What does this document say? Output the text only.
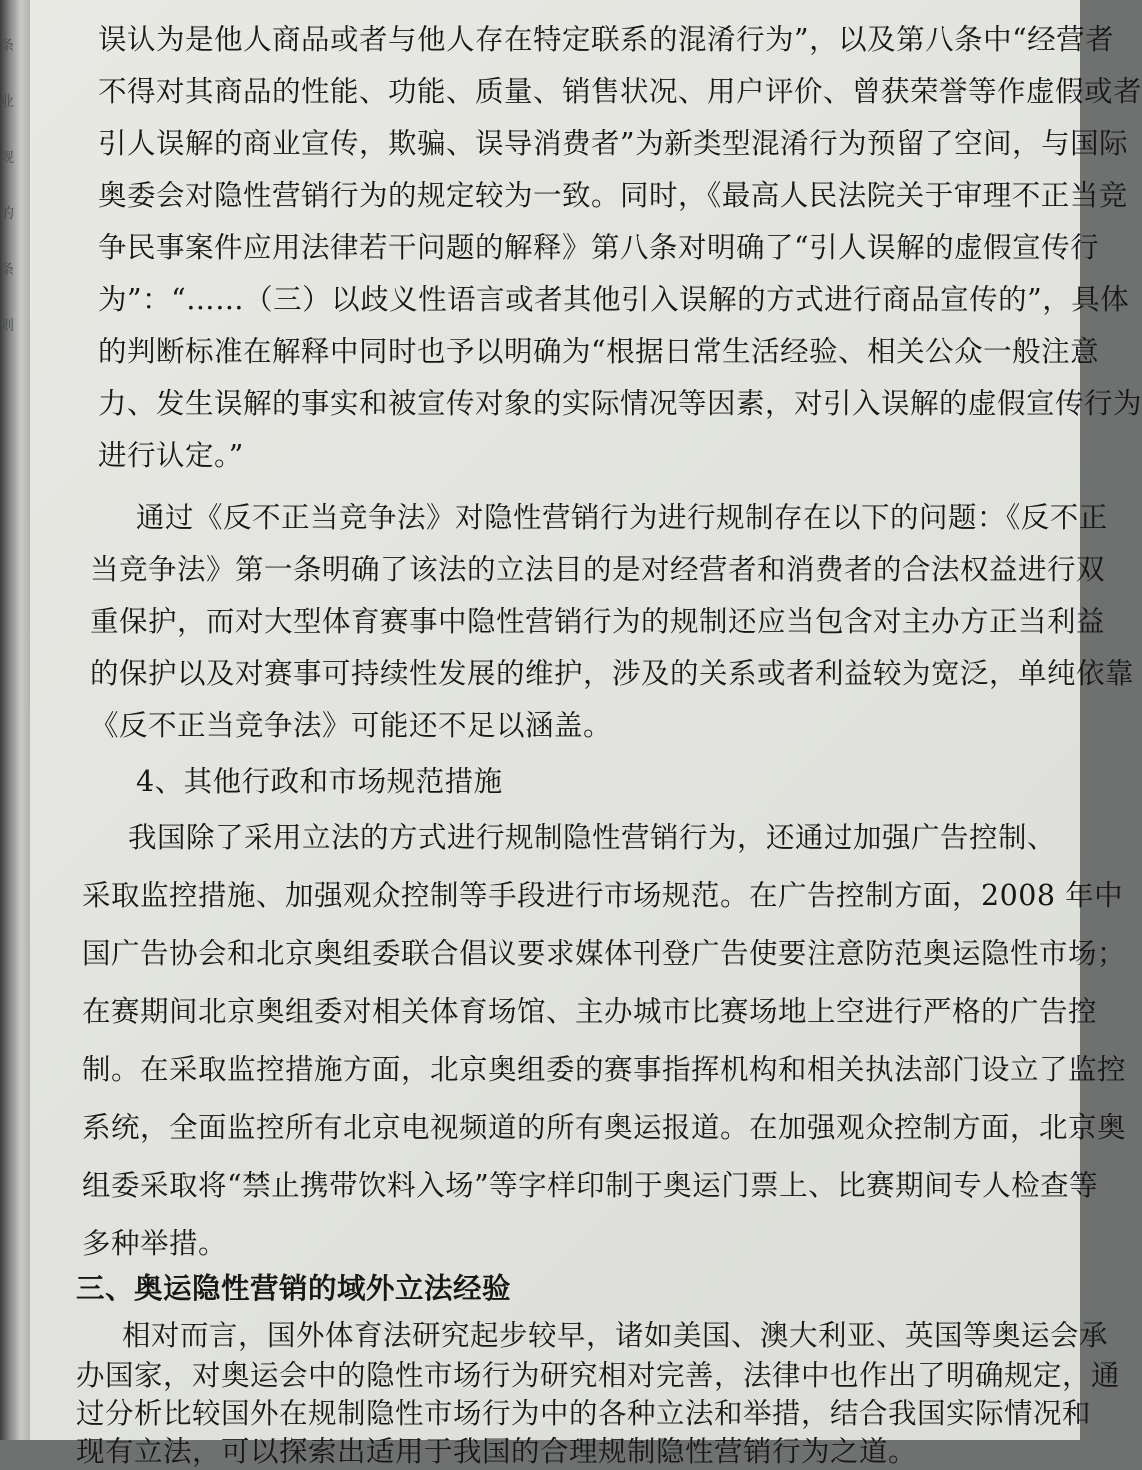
条
业
规
的
条
则

误认为是他人商品或者与他人存在特定联系的混淆行为”，以及第八条中“经营者

不得对其商品的性能、功能、质量、销售状况、用户评价、曾获荣誉等作虚假或者

引人误解的商业宣传，欺骗、误导消费者”为新类型混淆行为预留了空间，与国际

奥委会对隐性营销行为的规定较为一致。同时，《最高人民法院关于审理不正当竞

争民事案件应用法律若干问题的解释》第八条对明确了“引人误解的虚假宣传行

为”：“……（三）以歧义性语言或者其他引入误解的方式进行商品宣传的”，具体

的判断标准在解释中同时也予以明确为“根据日常生活经验、相关公众一般注意

力、发生误解的事实和被宣传对象的实际情况等因素，对引入误解的虚假宣传行为

进行认定。”

通过《反不正当竞争法》对隐性营销行为进行规制存在以下的问题：《反不正

当竞争法》第一条明确了该法的立法目的是对经营者和消费者的合法权益进行双

重保护，而对大型体育赛事中隐性营销行为的规制还应当包含对主办方正当利益

的保护以及对赛事可持续性发展的维护，涉及的关系或者利益较为宽泛，单纯依靠

《反不正当竞争法》可能还不足以涵盖。

4、其他行政和市场规范措施

我国除了采用立法的方式进行规制隐性营销行为，还通过加强广告控制、

采取监控措施、加强观众控制等手段进行市场规范。在广告控制方面，2008 年中

国广告协会和北京奥组委联合倡议要求媒体刊登广告使要注意防范奥运隐性市场；

在赛期间北京奥组委对相关体育场馆、主办城市比赛场地上空进行严格的广告控

制。在采取监控措施方面，北京奥组委的赛事指挥机构和相关执法部门设立了监控

系统，全面监控所有北京电视频道的所有奥运报道。在加强观众控制方面，北京奥

组委采取将“禁止携带饮料入场”等字样印制于奥运门票上、比赛期间专人检查等

多种举措。

三、奥运隐性营销的域外立法经验

相对而言，国外体育法研究起步较早，诸如美国、澳大利亚、英国等奥运会承

办国家，对奥运会中的隐性市场行为研究相对完善，法律中也作出了明确规定，通

过分析比较国外在规制隐性市场行为中的各种立法和举措，结合我国实际情况和

现有立法，可以探索出适用于我国的合理规制隐性营销行为之道。
